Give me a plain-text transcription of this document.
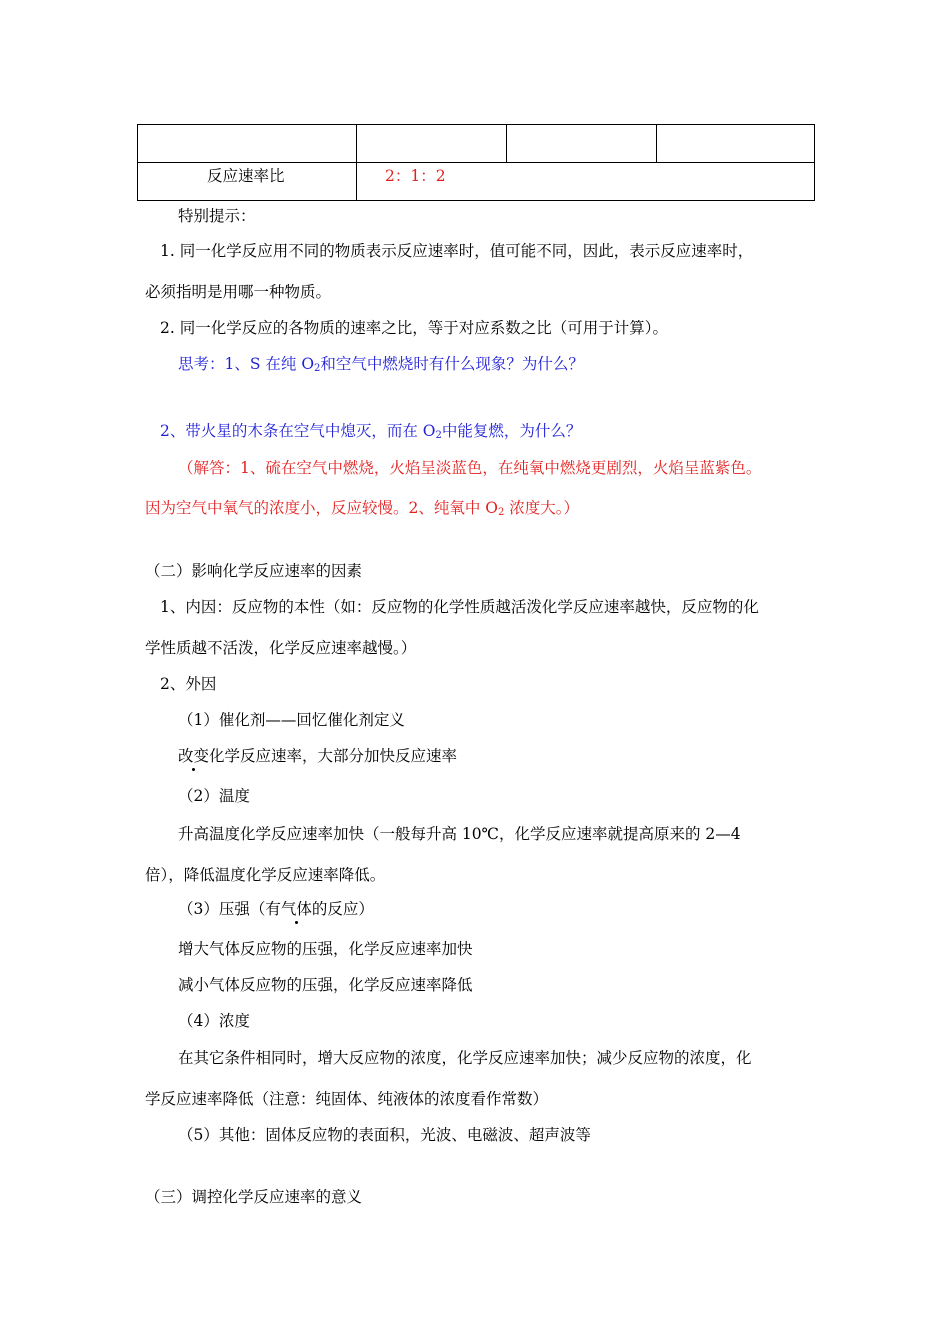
反应速率比	2：1：2
特别提示：
1. 同一化学反应用不同的物质表示反应速率时，值可能不同，因此，表示反应速率时，
必须指明是用哪一种物质。
2. 同一化学反应的各物质的速率之比，等于对应系数之比（可用于计算）。
思考：1、S 在纯 $O_2$和空气中燃烧时有什么现象？为什么？
2、带火星的木条在空气中熄灭，而在 $O_2$中能复燃，为什么？
（解答：1、硫在空气中燃烧，火焰呈淡蓝色，在纯氧中燃烧更剧烈，火焰呈蓝紫色。
因为空气中氧气的浓度小，反应较慢。2、纯氧中 $O_2$ 浓度大。）
（二）影响化学反应速率的因素
1、内因：反应物的本性（如：反应物的化学性质越活泼化学反应速率越快，反应物的化
学性质越不活泼，化学反应速率越慢。）
2、外因
（1）催化剂——回忆催化剂定义
改变化学反应速率，大部分加快反应速率
（2）温度
升高温度化学反应速率加快（一般每升高 10℃，化学反应速率就提高原来的 2—4
倍），降低温度化学反应速率降低。
（3）压强（有气体的反应）
增大气体反应物的压强，化学反应速率加快
减小气体反应物的压强，化学反应速率降低
（4）浓度
在其它条件相同时，增大反应物的浓度，化学反应速率加快；减少反应物的浓度，化
学反应速率降低（注意：纯固体、纯液体的浓度看作常数）
（5）其他：固体反应物的表面积，光波、电磁波、超声波等
（三）调控化学反应速率的意义
